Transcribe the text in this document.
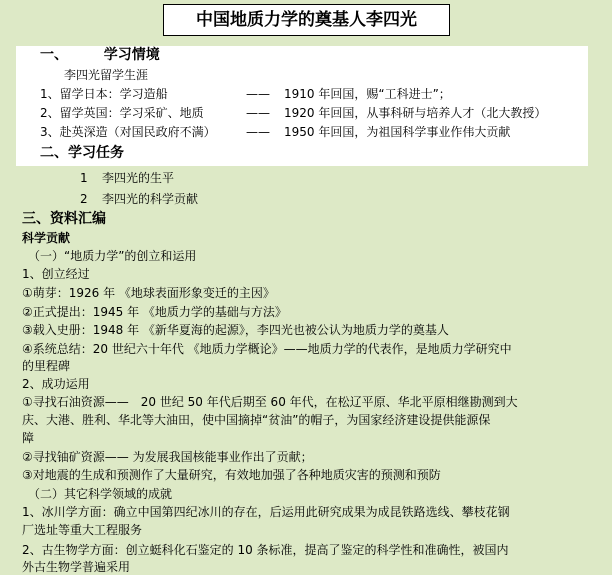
中国地质力学的奠基人李四光
一、	学习情境
李四光留学生涯
1、留学日本：学习造船	—— 1910 年回国，赐“工科进士”；
2、留学英国：学习采矿、地质	—— 1920 年回国，从事科研与培养人才（北大教授）
3、赴英深造（对国民政府不满）	—— 1950 年回国，为祖国科学事业作伟大贡献
二、学习任务
1 李四光的生平
2 李四光的科学贡献
三、资料汇编
科学贡献
（一）“地质力学”的创立和运用
1、创立经过
①萌芽：1926 年 《地球表面形象变迁的主因》
②正式提出：1945 年 《地质力学的基础与方法》
③载入史册：1948 年 《新华夏海的起源》，李四光也被公认为地质力学的奠基人
④系统总结：20 世纪六十年代 《地质力学概论》——地质力学的代表作，是地质力学研究中
的里程碑
2、成功运用
①寻找石油资源——　20 世纪 50 年代后期至 60 年代，在松辽平原、华北平原相继勘测到大
庆、大港、胜利、华北等大油田，使中国摘掉“贫油”的帽子，为国家经济建设提供能源保
障
②寻找铀矿资源—— 为发展我国核能事业作出了贡献；
③对地震的生成和预测作了大量研究，有效地加强了各种地质灾害的预测和预防
（二）其它科学领域的成就
1、冰川学方面：确立中国第四纪冰川的存在，后运用此研究成果为成昆铁路选线、攀枝花钢
厂选址等重大工程服务
2、古生物学方面：创立蜓科化石鉴定的 10 条标准，提高了鉴定的科学性和准确性，被国内
外古生物学普遍采用
